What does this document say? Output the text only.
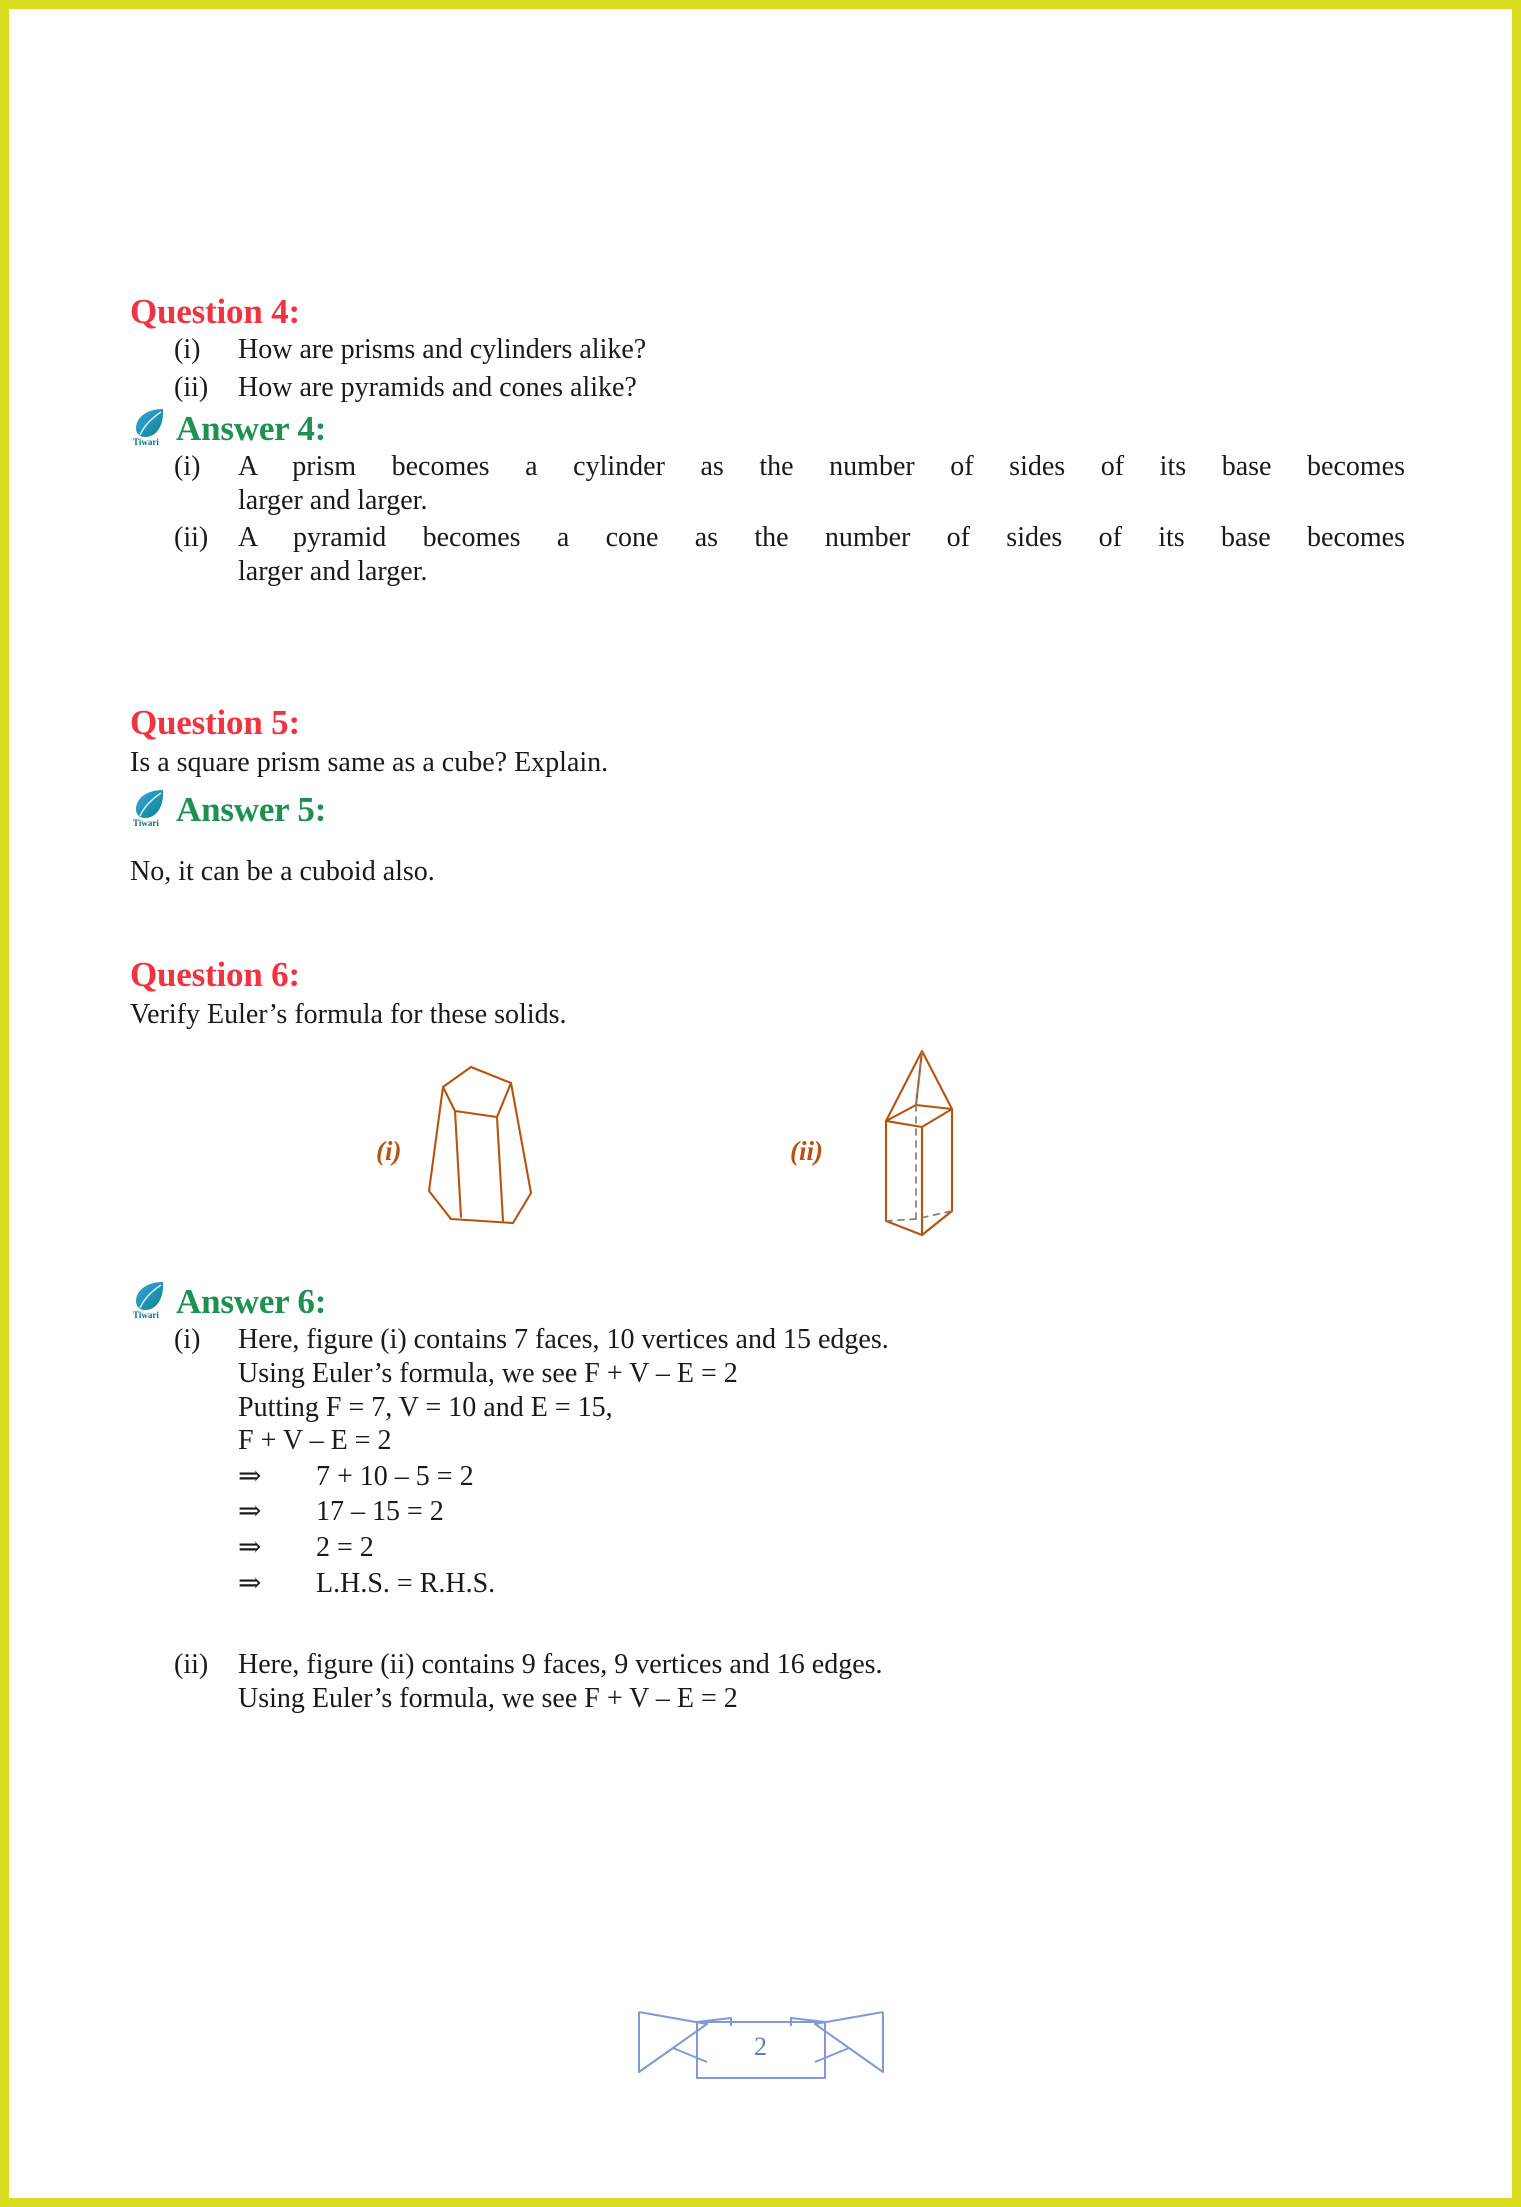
Question 4:
(i)	How are prisms and cylinders alike?
(ii)	How are pyramids and cones alike?
Tiwari Answer 4:
(i)	A prism becomes a cylinder as the number of sides of its base becomes
larger and larger.
(ii)	A pyramid becomes a cone as the number of sides of its base becomes
larger and larger.
Question 5:
Is a square prism same as a cube? Explain.
Tiwari Answer 5:
No, it can be a cuboid also.
Question 6:
Verify Euler’s formula for these solids.
(i)	(ii)
Tiwari Answer 6:
(i)	Here, figure (i) contains 7 faces, 10 vertices and 15 edges.
Using Euler’s formula, we see F + V – E = 2
Putting F = 7, V = 10 and E = 15,
F + V – E = 2
⇒	7 + 10 – 5 = 2
⇒	17 – 15 = 2
⇒	2 = 2
⇒	L.H.S. = R.H.S.
(ii)	Here, figure (ii) contains 9 faces, 9 vertices and 16 edges.
Using Euler’s formula, we see F + V – E = 2
2
